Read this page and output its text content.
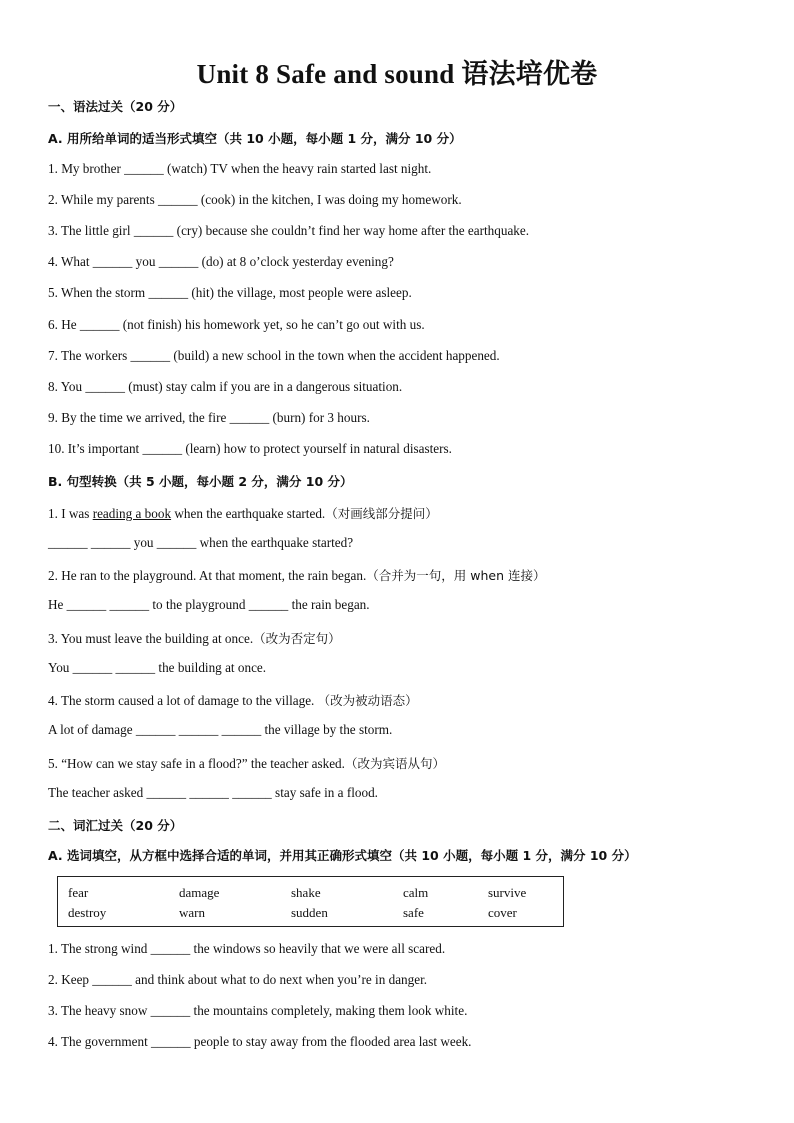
Unit 8 Safe and sound 语法培优卷
一、语法过关（20 分）
A. 用所给单词的适当形式填空（共 10 小题，每小题 1 分，满分 10 分）
1. My brother ______ (watch) TV when the heavy rain started last night.
2. While my parents ______ (cook) in the kitchen, I was doing my homework.
3. The little girl ______ (cry) because she couldn’t find her way home after the earthquake.
4. What ______ you ______ (do) at 8 o’clock yesterday evening?
5. When the storm ______ (hit) the village, most people were asleep.
6. He ______ (not finish) his homework yet, so he can’t go out with us.
7. The workers ______ (build) a new school in the town when the accident happened.
8. You ______ (must) stay calm if you are in a dangerous situation.
9. By the time we arrived, the fire ______ (burn) for 3 hours.
10. It’s important ______ (learn) how to protect yourself in natural disasters.
B. 句型转换（共 5 小题，每小题 2 分，满分 10 分）
1. I was reading a book when the earthquake started.（对画线部分提问）
______ ______ you ______ when the earthquake started?
2. He ran to the playground. At that moment, the rain began.（合并为一句，用 when 连接）
He ______ ______ to the playground ______ the rain began.
3. You must leave the building at once.（改为否定句）
You ______ ______ the building at once.
4. The storm caused a lot of damage to the village. （改为被动语态）
A lot of damage ______ ______ ______ the village by the storm.
5. “How can we stay safe in a flood?” the teacher asked.（改为宾语从句）
The teacher asked ______ ______ ______ stay safe in a flood.
二、词汇过关（20 分）
A. 选词填空，从方框中选择合适的单词，并用其正确形式填空（共 10 小题，每小题 1 分，满分 10 分）
fear	damage	shake	calm	survive
destroy	warn	sudden	safe	cover
1. The strong wind ______ the windows so heavily that we were all scared.
2. Keep ______ and think about what to do next when you’re in danger.
3. The heavy snow ______ the mountains completely, making them look white.
4. The government ______ people to stay away from the flooded area last week.
